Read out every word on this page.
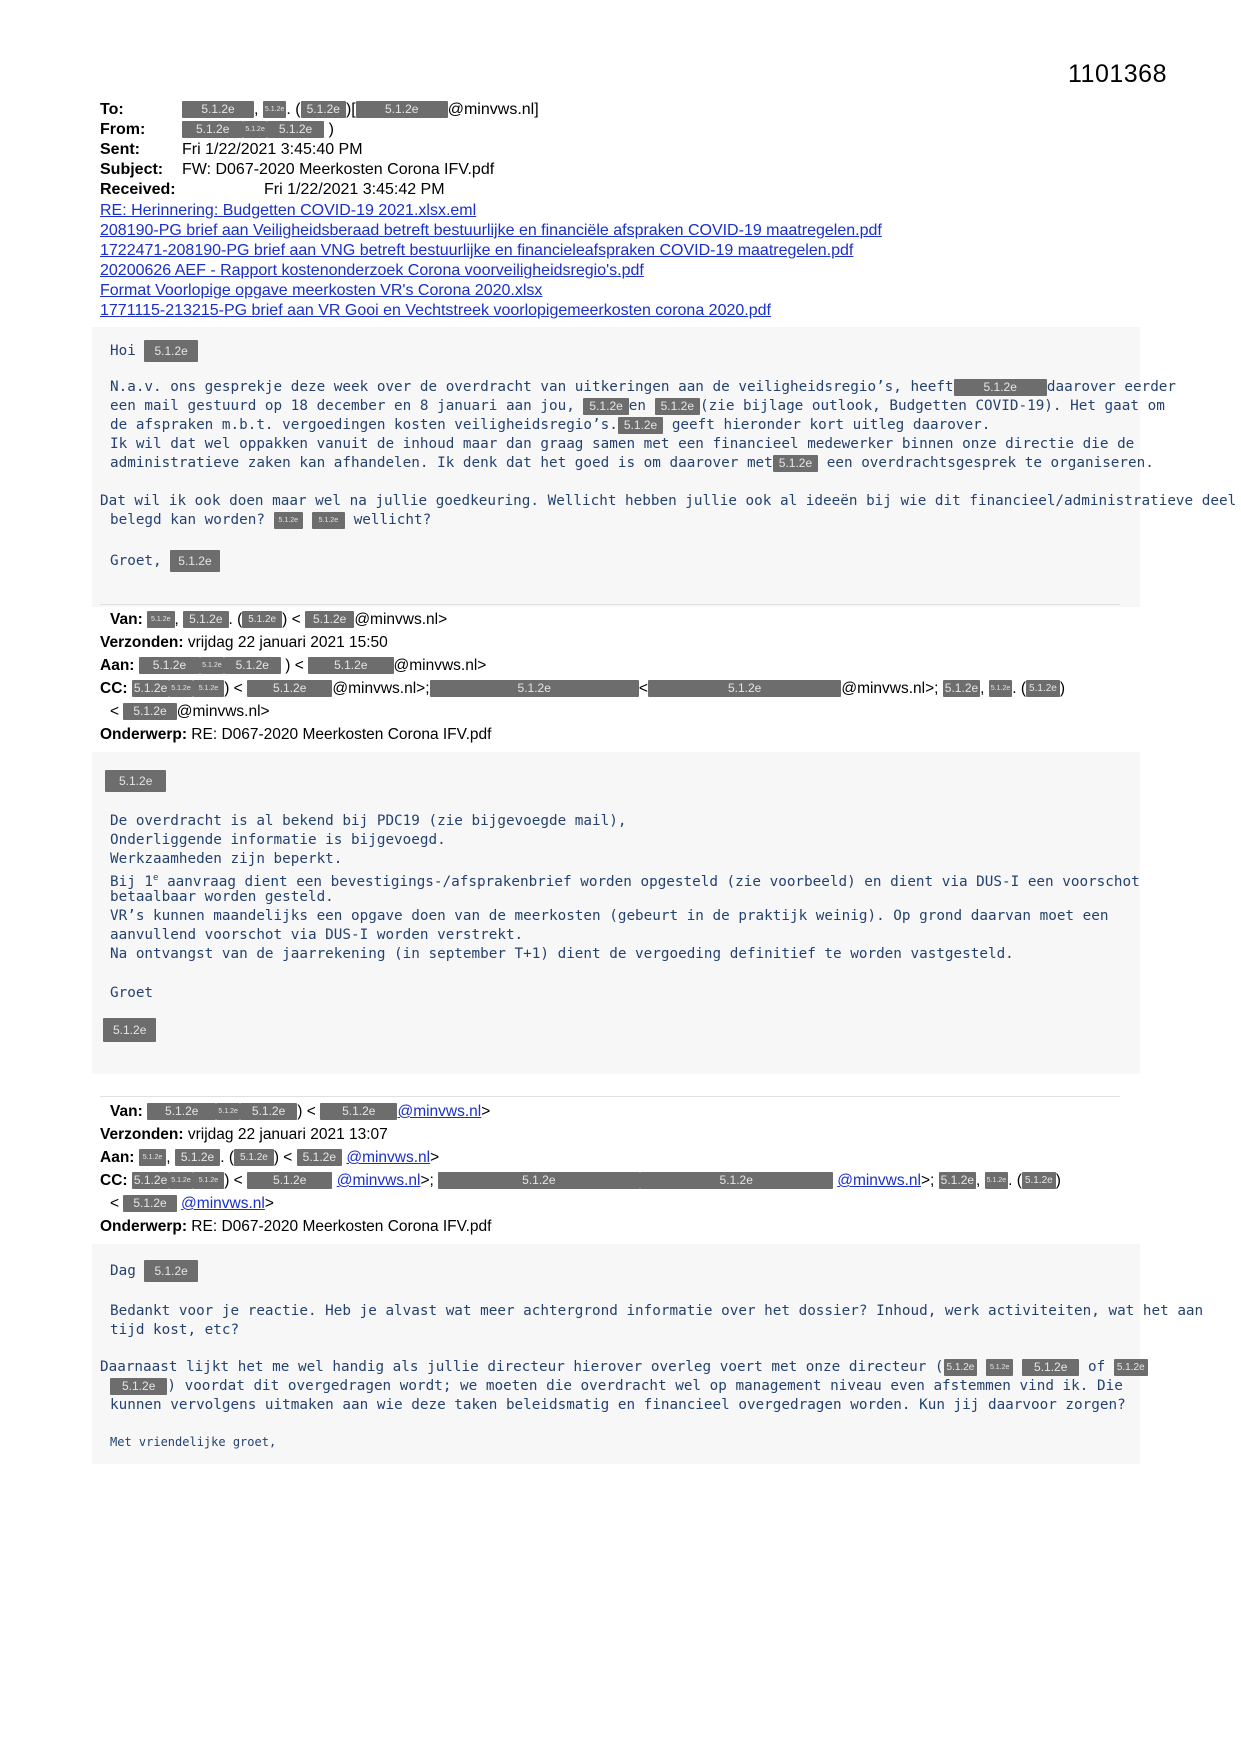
1101368
To:	5.1.2e , 5.1.2e . ( 5.1.2e )[ 5.1.2e @minvws.nl]
From:	5.1.2e 5.1.2e 5.1.2e )
Sent:	Fri 1/22/2021 3:45:40 PM
Subject: FW: D067-2020 Meerkosten Corona IFV.pdf
Received:	Fri 1/22/2021 3:45:42 PM
RE: Herinnering: Budgetten COVID-19 2021.xlsx.eml
208190-PG brief aan Veiligheidsberaad betreft bestuurlijke en financiële afspraken COVID-19 maatregelen.pdf
1722471-208190-PG brief aan VNG betreft bestuurlijke en financieleafspraken COVID-19 maatregelen.pdf
20200626 AEF - Rapport kostenonderzoek Corona voorveiligheidsregio's.pdf
Format Voorlopige opgave meerkosten VR's Corona 2020.xlsx
1771115-213215-PG brief aan VR Gooi en Vechtstreek voorlopigemeerkosten corona 2020.pdf
Hoi 5.1.2e
N.a.v. ons gesprekje deze week over de overdracht van uitkeringen aan de veiligheidsregio’s, heeft	5.1.2e daarover eerder
een mail gestuurd op 18 december en 8 januari aan jou, 5.1.2e en 5.1.2e (zie bijlage outlook, Budgetten COVID-19). Het gaat om
de afspraken m.b.t. vergoedingen kosten veiligheidsregio’s. 5.1.2e geeft hieronder kort uitleg daarover.
Ik wil dat wel oppakken vanuit de inhoud maar dan graag samen met een financieel medewerker binnen onze directie die de
administratieve zaken kan afhandelen. Ik denk dat het goed is om daarover met 5.1.2e een overdrachtsgesprek te organiseren.
Dat wil ik ook doen maar wel na jullie goedkeuring. Wellicht hebben jullie ook al ideeën bij wie dit financieel/administratieve deel
belegd kan worden? 5.1.2e	5.1.2e wellicht?
Groet, 5.1.2e
Van: 5.1.2e , 5.1.2e . ( 5.1.2e ) < 5.1.2e @minvws.nl>
Verzonden: vrijdag 22 januari 2021 15:50
Aan: 5.1.2e 5.1.2e 5.1.2e ) < 5.1.2e @minvws.nl>
CC: 5.1.2e 5.1.2e 5.1.2e ) < 5.1.2e @minvws.nl>;	5.1.2e	<	5.1.2e	@minvws.nl>; 5.1.2e , 5.1.2e . ( 5.1.2e )
< 5.1.2e @minvws.nl>
Onderwerp: RE: D067-2020 Meerkosten Corona IFV.pdf
5.1.2e
De overdracht is al bekend bij PDC19 (zie bijgevoegde mail),
Onderliggende informatie is bijgevoegd.
Werkzaamheden zijn beperkt.
Bij 1e aanvraag dient een bevestigings-/afsprakenbrief worden opgesteld (zie voorbeeld) en dient via DUS-I een voorschot
betaalbaar worden gesteld.
VR’s kunnen maandelijks een opgave doen van de meerkosten (gebeurt in de praktijk weinig). Op grond daarvan moet een
aanvullend voorschot via DUS-I worden verstrekt.
Na ontvangst van de jaarrekening (in september T+1) dient de vergoeding definitief te worden vastgesteld.
Groet
5.1.2e
Van: 5.1.2e	5.1.2e 5.1.2e ) < 5.1.2e @minvws.nl>
Verzonden: vrijdag 22 januari 2021 13:07
Aan: 5.1.2e , 5.1.2e . ( 5.1.2e ) < 5.1.2e @minvws.nl>
CC: 5.1.2e 5.1.2e 5.1.2e ) < 5.1.2e @minvws.nl>;	5.1.2e	5.1.2e	@minvws.nl>; 5.1.2e , 5.1.2e . ( 5.1.2e )
< 5.1.2e @minvws.nl>
Onderwerp: RE: D067-2020 Meerkosten Corona IFV.pdf
Dag 5.1.2e
Bedankt voor je reactie. Heb je alvast wat meer achtergrond informatie over het dossier? Inhoud, werk activiteiten, wat het aan
tijd kost, etc?
Daarnaast lijkt het me wel handig als jullie directeur hierover overleg voert met onze directeur ( 5.1.2e 5.1.2e 5.1.2e of 5.1.2e
5.1.2e ) voordat dit overgedragen wordt; we moeten die overdracht wel op management niveau even afstemmen vind ik. Die
kunnen vervolgens uitmaken aan wie deze taken beleidsmatig en financieel overgedragen worden. Kun jij daarvoor zorgen?
Met vriendelijke groet,
